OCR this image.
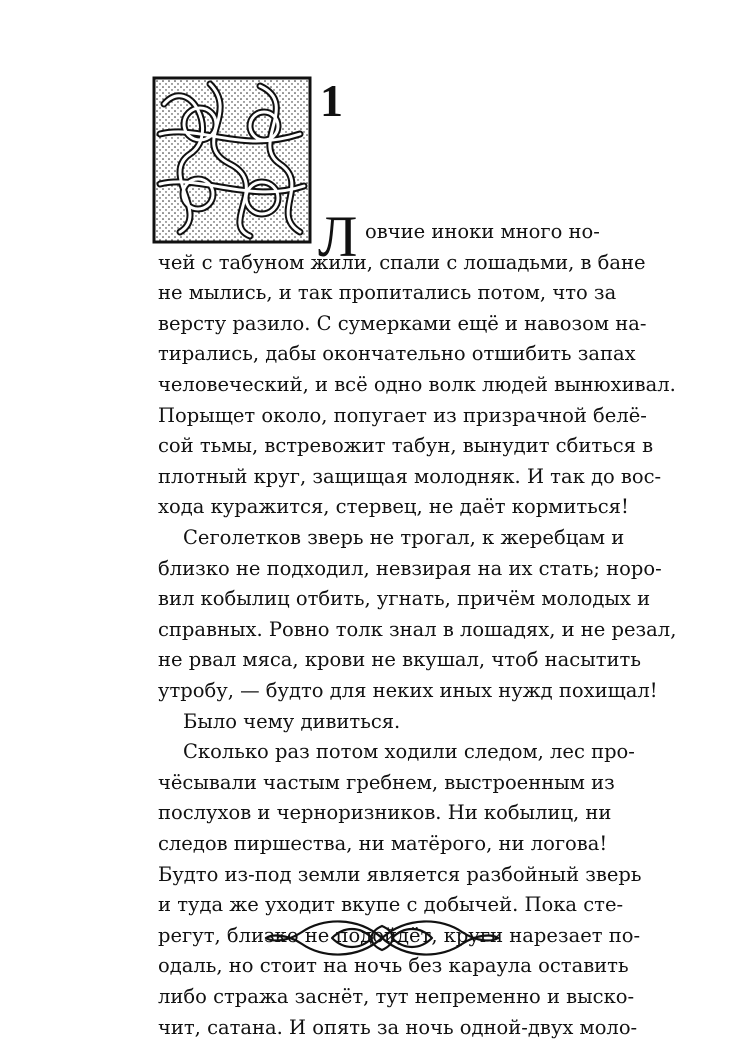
1
Л овчие иноки много но-
чей с табуном жили, спали с лошадьми, в бане
не мылись, и так пропитались потом, что за
версту разило. С сумерками ещё и навозом на-
тирались, дабы окончательно отшибить запах
человеческий, и всё одно волк людей вынюхивал.
Порыщет около, попугает из призрачной белё-
сой тьмы, встревожит табун, вынудит сбиться в
плотный круг, защищая молодняк. И так до вос-
хода куражится, стервец, не даёт кормиться!
Сеголетков зверь не трогал, к жеребцам и
близко не подходил, невзирая на их стать; норо-
вил кобылиц отбить, угнать, причём молодых и
справных. Ровно толк знал в лошадях, и не резал,
не рвал мяса, крови не вкушал, чтоб насытить
утробу, — будто для неких иных нужд похищал!
Было чему дивиться.
Сколько раз потом ходили следом, лес про-
чёсывали частым гребнем, выстроенным из
послухов и черноризников. Ни кобылиц, ни
следов пиршества, ни матёрого, ни логова!
Будто из-под земли является разбойный зверь
и туда же уходит вкупе с добычей. Пока сте-
регут, близко не подойдёт, круги нарезает по-
одаль, но стоит на ночь без караула оставить
либо стража заснёт, тут непременно и выско-
чит, сатана. И опять за ночь одной-двух моло-
